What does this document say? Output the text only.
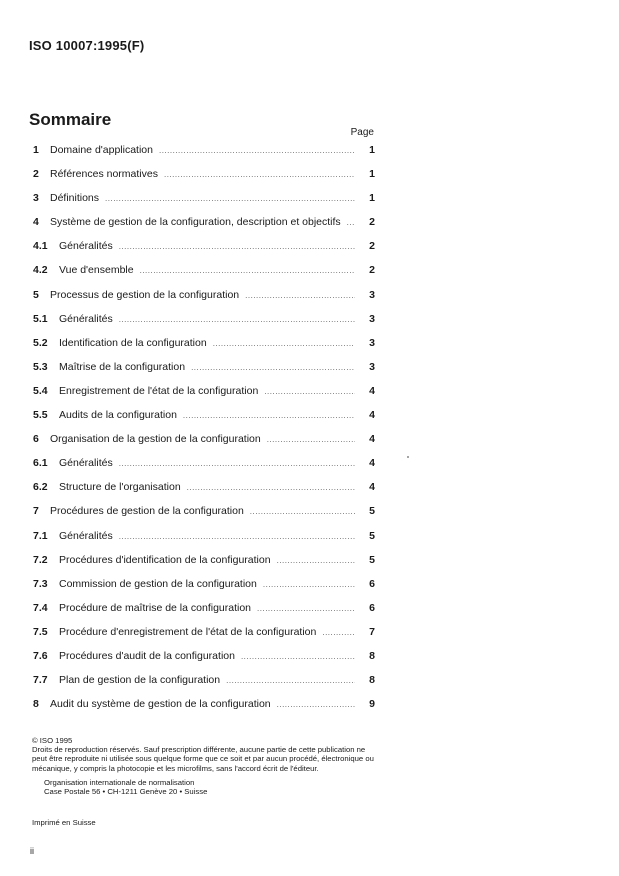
ISO 10007:1995(F)
Sommaire
Page
1	Domaine d'application .....	1
2	Références normatives .....	1
3	Définitions .....	1
4	Système de gestion de la configuration, description et objectifs .....	2
4.1	Généralités .....	2
4.2	Vue d'ensemble .....	2
5	Processus de gestion de la configuration .....	3
5.1	Généralités .....	3
5.2	Identification de la configuration .....	3
5.3	Maîtrise de la configuration .....	3
5.4	Enregistrement de l'état de la configuration .....	4
5.5	Audits de la configuration .....	4
6	Organisation de la gestion de la configuration .....	4
6.1	Généralités .....	4
6.2	Structure de l'organisation .....	4
7	Procédures de gestion de la configuration .....	5
7.1	Généralités .....	5
7.2	Procédures d'identification de la configuration .....	5
7.3	Commission de gestion de la configuration .....	6
7.4	Procédure de maîtrise de la configuration .....	6
7.5	Procédure d'enregistrement de l'état de la configuration .....	7
7.6	Procédures d'audit de la configuration .....	8
7.7	Plan de gestion de la configuration .....	8
8	Audit du système de gestion de la configuration .....	9

© ISO 1995

Droits de reproduction réservés. Sauf prescription différente, aucune partie de cette publication ne peut être reproduite ni utilisée sous quelque forme que ce soit et par aucun procédé, électronique ou mécanique, y compris la photocopie et les microfilms, sans l'accord écrit de l'éditeur.

Organisation internationale de normalisation

Case Postale 56 • CH-1211 Genève 20 • Suisse

Imprimé en Suisse
ii
